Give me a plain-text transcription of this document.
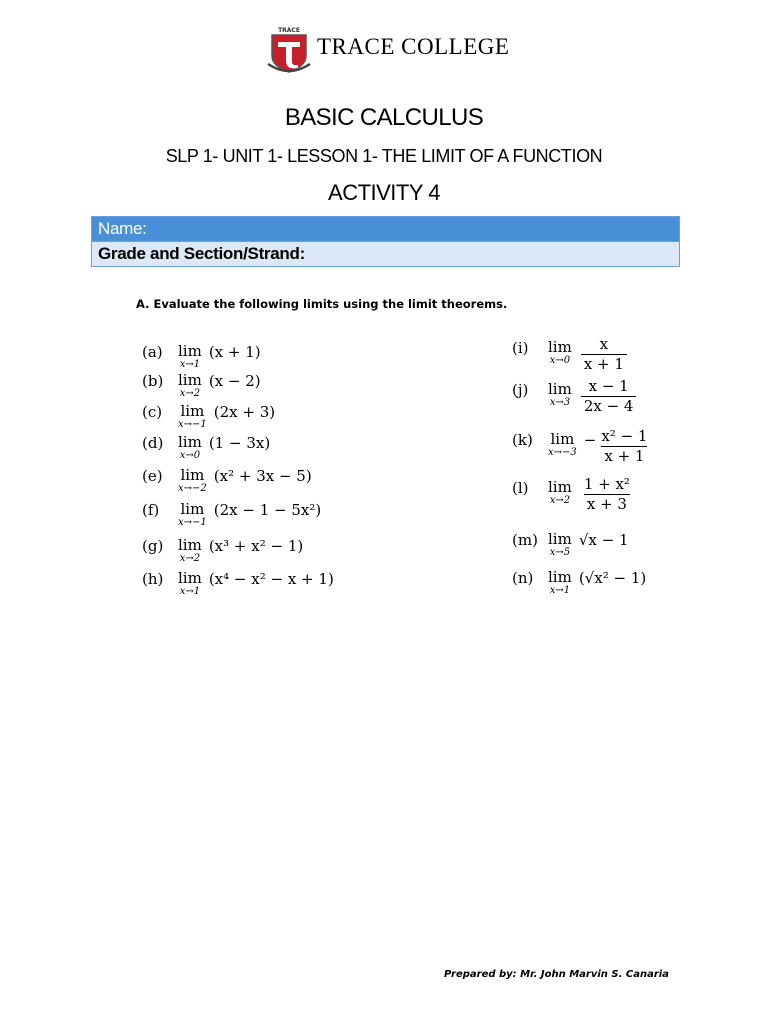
TRACE
TRACE COLLEGE
BASIC CALCULUS
SLP 1- UNIT 1- LESSON 1- THE LIMIT OF A FUNCTION
ACTIVITY 4
Name:
Grade and Section/Strand:
A. Evaluate the following limits using the limit theorems.
(a)	lim
x→1
(x + 1)
(b) lim
x→2
(x − 2)
(c)	lim
x→−1
(2x + 3)
(d) lim
x→0
(1 − 3x)
(e)	lim
x→−2
(x² + 3x − 5)
(f)	lim
x→−1
(2x − 1 − 5x²)
(g) lim
x→2
(x³ + x² − 1)
(h) lim
x→1
(x⁴ − x² − x + 1)
(i)	lim
$x\to 0 \frac{x}{x + 1}$
(j)	lim
$x\to 3 \frac{x - 1}{2x - 4}$
(k)	lim
x→−3
− $\frac{\text{x² − 1}}{x + 1}$
(l)	lim
$x\to 2 \frac{\text{1 + x²}}{x + 3}$
(m) lim
x→5
√x − 1
(n) lim
x→1
(√x² − 1)
Prepared by: Mr. John Marvin S. Canaria
